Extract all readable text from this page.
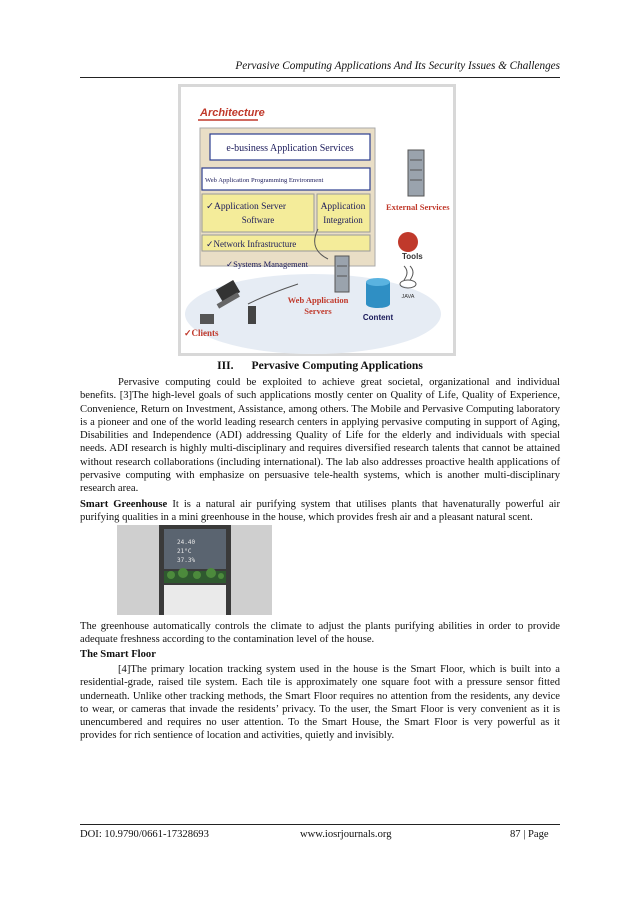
Pervasive Computing Applications And Its Security Issues & Challenges
Architecture
e-business Application Services
Web Application Programming Environment
✓Application Server
Software
Application
Integration
✓Network Infrastructure
✓Systems Management
External Services
Tools
JAVA
Web Application
Servers
Content
✓Clients
III. Pervasive Computing Applications

Pervasive computing could be exploited to achieve great societal, organizational and individual benefits. [3]The high-level goals of such applications mostly center on Quality of Life, Quality of Experience, Convenience, Return on Investment, Assistance, among others. The Mobile and Pervasive Computing laboratory is a pioneer and one of the world leading research centers in applying pervasive computing in support of Aging, Disabilities and Independence (ADI) addressing Quality of Life for the elderly and individuals with special needs. ADI research is highly multi-disciplinary and requires diversified research talents that cannot be attained without research collaborations (including international). The lab also addresses proactive health applications of pervasive computing with emphasize on persuasive tele-health systems, which is another multi-disciplinary research area.

Smart Greenhouse It is a natural air purifying system that utilises plants that havenaturally powerful air purifying qualities in a mini greenhouse in the house, which provides fresh air and a pleasant natural scent.

24.40
21°C
37.3%

The greenhouse automatically controls the climate to adjust the plants purifying abilities in order to provide adequate freshness according to the contamination level of the house.

The Smart Floor

[4]The primary location tracking system used in the house is the Smart Floor, which is built into a residential-grade, raised tile system. Each tile is approximately one square foot with a pressure sensor fitted underneath. Unlike other tracking methods, the Smart Floor requires no attention from the residents, any device to wear, or cameras that invade the residents’ privacy. To the user, the Smart Floor is very convenient as it is unencumbered and requires no user attention. To the Smart House, the Smart Floor is very powerful as it provides for rich sentience of location and activities, quietly and invisibly.

DOI: 10.9790/0661-17328693	www.iosrjournals.org	87 | Page
